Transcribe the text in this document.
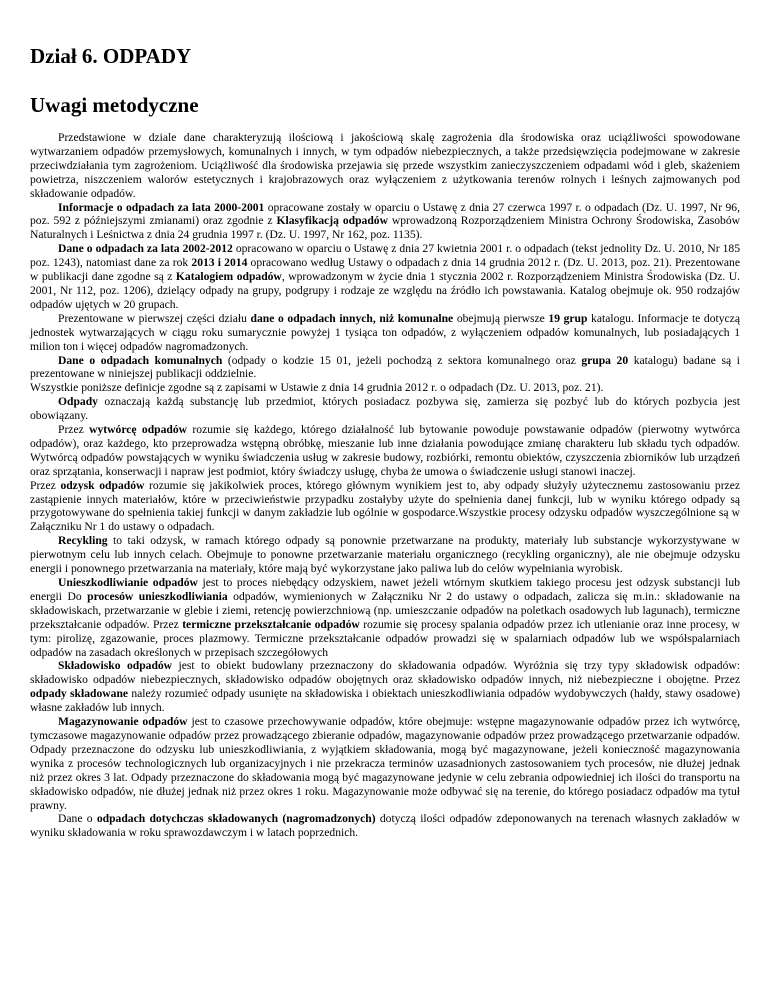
Dział 6. ODPADY
Uwagi metodyczne

Przedstawione w dziale dane charakteryzują ilościową i jakościową skalę zagrożenia dla środowiska oraz uciążliwości spowodowane wytwarzaniem odpadów przemysłowych, komunalnych i innych, w tym odpadów niebezpiecznych, a także przedsięwzięcia podejmowane w zakresie przeciwdziałania tym zagrożeniom. Uciążliwość dla środowiska przejawia się przede wszystkim zanieczyszczeniem odpadami wód i gleb, skażeniem powietrza, niszczeniem walorów estetycznych i krajobrazowych oraz wyłączeniem z użytkowania terenów rolnych i leśnych zajmowanych pod składowanie odpadów.

Informacje o odpadach za lata 2000-2001 opracowane zostały w oparciu o Ustawę z dnia 27 czerwca 1997 r. o odpadach (Dz. U. 1997, Nr 96, poz. 592 z późniejszymi zmianami) oraz zgodnie z Klasyfikacją odpadów wprowadzoną Rozporządzeniem Ministra Ochrony Środowiska, Zasobów Naturalnych i Leśnictwa z dnia 24 grudnia 1997 r. (Dz. U. 1997, Nr 162, poz. 1135).

Dane o odpadach za lata 2002-2012 opracowano w oparciu o Ustawę z dnia 27 kwietnia 2001 r. o odpadach (tekst jednolity Dz. U. 2010, Nr 185 poz. 1243), natomiast dane za rok 2013 i 2014 opracowano według Ustawy o odpadach z dnia 14 grudnia 2012 r. (Dz. U. 2013, poz. 21). Prezentowane w publikacji dane zgodne są z Katalogiem odpadów, wprowadzonym w życie dnia 1 stycznia 2002 r. Rozporządzeniem Ministra Środowiska (Dz. U. 2001, Nr 112, poz. 1206), dzielący odpady na grupy, podgrupy i rodzaje ze względu na źródło ich powstawania. Katalog obejmuje ok. 950 rodzajów odpadów ujętych w 20 grupach.

Prezentowane w pierwszej części działu dane o odpadach innych, niż komunalne obejmują pierwsze 19 grup katalogu. Informacje te dotyczą jednostek wytwarzających w ciągu roku sumarycznie powyżej 1 tysiąca ton odpadów, z wyłączeniem odpadów komunalnych, lub posiadających 1 milion ton i więcej odpadów nagromadzonych.

Dane o odpadach komunalnych (odpady o kodzie 15 01, jeżeli pochodzą z sektora komunalnego oraz grupa 20 katalogu) badane są i prezentowane w niniejszej publikacji oddzielnie.

Wszystkie poniższe definicje zgodne są z zapisami w Ustawie z dnia 14 grudnia 2012 r. o odpadach (Dz. U. 2013, poz. 21).

Odpady oznaczają każdą substancję lub przedmiot, których posiadacz pozbywa się, zamierza się pozbyć lub do których pozbycia jest obowiązany.

Przez wytwórcę odpadów rozumie się każdego, którego działalność lub bytowanie powoduje powstawanie odpadów (pierwotny wytwórca odpadów), oraz każdego, kto przeprowadza wstępną obróbkę, mieszanie lub inne działania powodujące zmianę charakteru lub składu tych odpadów. Wytwórcą odpadów powstających w wyniku świadczenia usług w zakresie budowy, rozbiórki, remontu obiektów, czyszczenia zbiorników lub urządzeń oraz sprzątania, konserwacji i napraw jest podmiot, który świadczy usługę, chyba że umowa o świadczenie usługi stanowi inaczej.

Przez odzysk odpadów rozumie się jakikolwiek proces, którego głównym wynikiem jest to, aby odpady służyły użytecznemu zastosowaniu przez zastąpienie innych materiałów, które w przeciwieństwie przypadku zostałyby użyte do spełnienia danej funkcji, lub w wyniku którego odpady są przygotowywane do spełnienia takiej funkcji w danym zakładzie lub ogólnie w gospodarce.Wszystkie procesy odzysku odpadów wyszczególnione są w Załączniku Nr 1 do ustawy o odpadach.

Recykling to taki odzysk, w ramach którego odpady są ponownie przetwarzane na produkty, materiały lub substancje wykorzystywane w pierwotnym celu lub innych celach. Obejmuje to ponowne przetwarzanie materiału organicznego (recykling organiczny), ale nie obejmuje odzysku energii i ponownego przetwarzania na materiały, które mają być wykorzystane jako paliwa lub do celów wypełniania wyrobisk.

Unieszkodliwianie odpadów jest to proces niebędący odzyskiem, nawet jeżeli wtórnym skutkiem takiego procesu jest odzysk substancji lub energii Do procesów unieszkodliwiania odpadów, wymienionych w Załączniku Nr 2 do ustawy o odpadach, zalicza się m.in.: składowanie na składowiskach, przetwarzanie w glebie i ziemi, retencję powierzchniową (np. umieszczanie odpadów na poletkach osadowych lub lagunach), termiczne przekształcanie odpadów. Przez termiczne przekształcanie odpadów rozumie się procesy spalania odpadów przez ich utlenianie oraz inne procesy, w tym: pirolizę, zgazowanie, proces plazmowy. Termiczne przekształcanie odpadów prowadzi się w spalarniach odpadów lub we współspalarniach odpadów na zasadach określonych w przepisach szczegółowych

Składowisko odpadów jest to obiekt budowlany przeznaczony do składowania odpadów. Wyróżnia się trzy typy składowisk odpadów: składowisko odpadów niebezpiecznych, składowisko odpadów obojętnych oraz składowisko odpadów innych, niż niebezpieczne i obojętne. Przez odpady składowane należy rozumieć odpady usunięte na składowiska i obiektach unieszkodliwiania odpadów wydobywczych (hałdy, stawy osadowe) własne zakładów lub innych.

Magazynowanie odpadów jest to czasowe przechowywanie odpadów, które obejmuje: wstępne magazynowanie odpadów przez ich wytwórcę, tymczasowe magazynowanie odpadów przez prowadzącego zbieranie odpadów, magazynowanie odpadów przez prowadzącego przetwarzanie odpadów. Odpady przeznaczone do odzysku lub unieszkodliwiania, z wyjątkiem składowania, mogą być magazynowane, jeżeli konieczność magazynowania wynika z procesów technologicznych lub organizacyjnych i nie przekracza terminów uzasadnionych zastosowaniem tych procesów, nie dłużej jednak niż przez okres 3 lat. Odpady przeznaczone do składowania mogą być magazynowane jedynie w celu zebrania odpowiedniej ich ilości do transportu na składowisko odpadów, nie dłużej jednak niż przez okres 1 roku. Magazynowanie może odbywać się na terenie, do którego posiadacz odpadów ma tytuł prawny.

Dane o odpadach dotychczas składowanych (nagromadzonych) dotyczą ilości odpadów zdeponowanych na terenach własnych zakładów w wyniku składowania w roku sprawozdawczym i w latach poprzednich.
